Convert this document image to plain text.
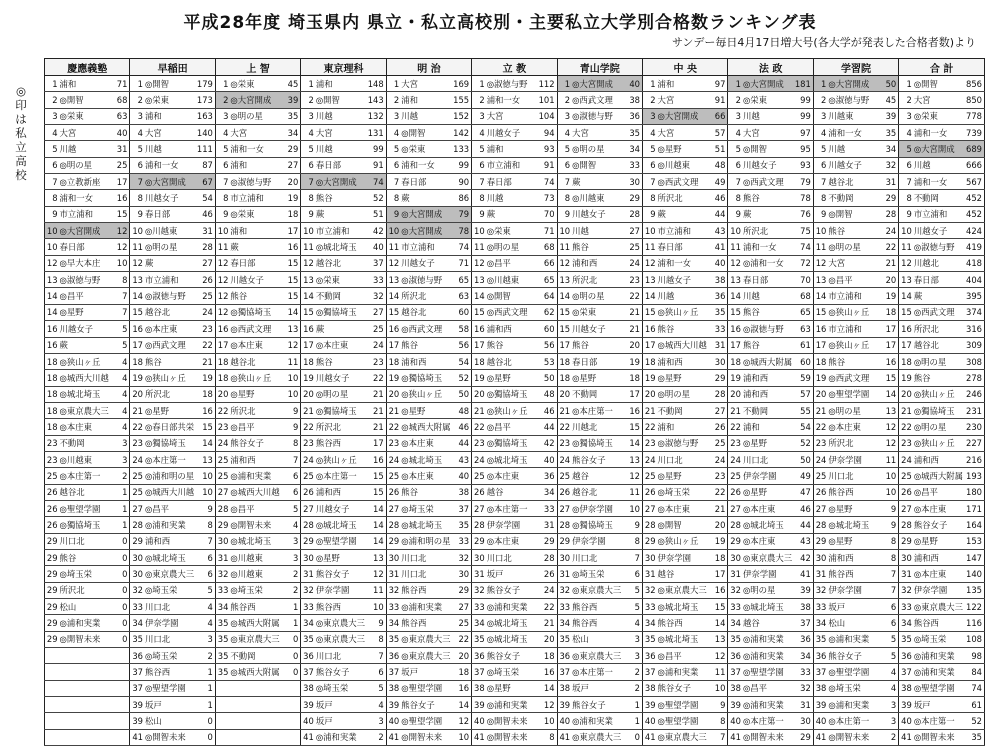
平成28年度 埼玉県内 県立・私立高校別・主要私立大学別合格数ランキング表
サンデー毎日4月17日増大号(各大学が発表した合格者数)より
◎
印
は
私
立
高
校
慶應義塾			早稲田			上 智			東京理科			明 治			立 教			青山学院			中 央			法 政			学習院			合 計		
1	浦和	71	1	◎開智	179	1	◎栄東	45	1	浦和	148	1	大宮	169	1	◎淑徳与野	112	1	◎大宮開成	40	1	浦和	97	1	◎大宮開成	181	1	◎大宮開成	50	1	◎開智	856
2	◎開智	68	2	◎栄東	173	2	◎大宮開成	39	2	◎開智	143	2	浦和	155	2	浦和一女	101	2	◎西武文理	38	2	大宮	91	2	◎栄東	99	2	◎淑徳与野	45	2	大宮	850
3	◎栄東	63	3	浦和	163	3	◎明の星	35	3	川越	132	3	川越	152	3	大宮	104	3	◎淑徳与野	36	3	◎大宮開成	66	3	川越	99	3	川越東	39	3	◎栄東	778
4	大宮	40	4	大宮	140	4	大宮	34	4	大宮	131	4	◎開智	142	4	川越女子	94	4	大宮	35	4	大宮	57	4	大宮	97	4	浦和一女	35	4	浦和一女	739
5	川越	31	5	川越	111	5	浦和一女	29	5	川越	99	5	◎栄東	133	5	浦和	93	5	◎明の星	34	5	◎星野	51	5	◎開智	95	5	川越	34	5	◎大宮開成	689
6	◎明の星	25	6	浦和一女	87	6	浦和	27	6	春日部	91	6	浦和一女	99	6	市立浦和	91	6	◎開智	33	6	◎川越東	48	6	川越女子	93	6	川越女子	32	6	川越	666
7	◎立教新座	17	7	◎大宮開成	67	7	◎淑徳与野	20	7	◎大宮開成	74	7	春日部	90	7	春日部	74	7	蕨	30	7	◎西武文理	49	7	◎西武文理	79	7	越谷北	31	7	浦和一女	567
8	浦和一女	16	8	川越女子	54	8	市立浦和	19	8	熊谷	52	8	蕨	86	8	川越	73	8	◎川越東	29	8	所沢北	46	8	熊谷	78	8	不動岡	29	8	不動岡	452
9	市立浦和	15	9	春日部	46	9	◎栄東	18	9	蕨	51	9	◎大宮開成	79	9	蕨	70	9	川越女子	28	9	蕨	44	9	蕨	76	9	◎開智	28	9	市立浦和	452
10	◎大宮開成	12	10	◎川越東	31	10	浦和	17	10	市立浦和	42	10	◎大宮開成	78	10	◎栄東	71	10	川越	27	10	市立浦和	43	10	所沢北	75	10	熊谷	24	10	川越女子	424
10	春日部	12	11	◎明の星	28	11	蕨	16	11	◎城北埼玉	40	11	市立浦和	74	11	◎明の星	68	11	熊谷	25	11	春日部	41	11	浦和一女	74	11	◎明の星	22	11	◎淑徳与野	419
12	◎早大本庄	10	12	蕨	27	12	春日部	15	12	越谷北	37	12	川越女子	71	12	◎昌平	66	12	浦和西	24	12	浦和一女	40	12	◎浦和一女	72	12	大宮	21	12	川越北	418
13	◎淑徳与野	8	13	市立浦和	26	12	川越女子	15	13	◎栄東	33	13	◎淑徳与野	65	13	◎川越東	65	13	所沢北	23	13	川越女子	38	13	春日部	70	13	◎昌平	20	13	春日部	404
14	◎昌平	7	14	◎淑徳与野	25	12	熊谷	15	14	不動岡	32	14	所沢北	63	14	◎開智	64	14	◎明の星	22	14	川越	36	14	川越	68	14	市立浦和	19	14	蕨	395
14	◎星野	7	15	越谷北	24	12	◎獨協埼玉	14	15	◎獨協埼玉	27	15	越谷北	60	15	◎西武文理	62	15	◎栄東	21	15	◎狭山ヶ丘	35	15	熊谷	65	15	◎狭山ヶ丘	18	15	◎西武文理	374
16	川越女子	5	16	◎本庄東	23	16	◎西武文理	13	16	蕨	25	16	◎西武文理	58	16	浦和西	60	15	川越女子	21	16	熊谷	33	16	◎淑徳与野	63	16	市立浦和	17	16	所沢北	316
16	蕨	5	17	◎西武文理	22	17	◎本庄東	12	17	◎本庄東	24	17	熊谷	56	17	熊谷	56	17	熊谷	20	17	◎城西大川越	31	17	熊谷	61	17	◎狭山ヶ丘	17	17	越谷北	309
18	◎狭山ヶ丘	4	18	熊谷	21	18	越谷北	11	18	熊谷	23	18	浦和西	54	18	越谷北	53	18	春日部	19	18	浦和西	30	18	◎城西大附属	60	18	熊谷	16	18	◎明の星	308
18	◎城西大川越	4	19	◎狭山ヶ丘	19	18	◎狭山ヶ丘	10	19	川越女子	22	19	◎獨協埼玉	52	19	◎星野	50	18	◎星野	18	19	◎星野	29	19	浦和西	59	19	◎西武文理	15	19	熊谷	278
18	◎城北埼玉	4	20	所沢北	18	20	◎星野	10	20	◎明の星	21	20	◎狭山ヶ丘	50	20	◎獨協埼玉	48	20	不動岡	17	20	◎明の星	28	20	浦和西	57	20	◎聖望学園	14	20	◎狭山ヶ丘	246
18	◎東京農大三	4	21	◎星野	16	22	所沢北	9	21	◎獨協埼玉	21	21	◎星野	48	21	◎狭山ヶ丘	46	21	◎本庄第一	16	21	不動岡	27	21	不動岡	55	21	◎明の星	13	21	◎獨協埼玉	231
18	◎本庄東	4	22	◎春日部共栄	15	23	◎昌平	9	22	所沢北	21	22	◎城西大附属	46	22	◎昌平	44	22	川越北	15	22	浦和	26	22	浦和	54	22	◎本庄東	12	22	◎明の星	230
23	不動岡	3	23	◎獨協埼玉	14	24	熊谷女子	8	23	熊谷西	17	23	◎本庄東	44	23	◎獨協埼玉	42	23	◎獨協埼玉	14	23	◎淑徳与野	25	23	◎星野	52	23	所沢北	12	23	◎狭山ヶ丘	227
23	◎川越東	3	24	◎本庄第一	13	25	浦和西	7	24	◎狭山ヶ丘	16	24	◎城北埼玉	43	24	◎城北埼玉	40	24	熊谷女子	13	24	川口北	24	24	川口北	50	24	伊奈学園	11	24	浦和西	216
25	◎本庄第一	2	25	◎浦和明の星	10	25	◎浦和実業	6	25	◎本庄第一	15	25	◎本庄東	40	25	◎本庄東	36	25	越谷	12	25	◎星野	23	25	伊奈学園	49	25	川口北	10	25	◎城西大附属	193
26	越谷北	1	25	◎城西大川越	10	27	◎城西大川越	6	26	浦和西	15	26	熊谷	38	26	越谷	34	26	越谷北	11	26	◎埼玉栄	22	26	◎星野	47	26	熊谷西	10	26	◎昌平	180
26	◎聖望学園	1	27	◎昌平	9	28	◎昌平	5	27	川越女子	14	27	◎埼玉栄	37	27	◎本庄第一	33	27	◎伊奈学園	10	27	◎本庄東	21	27	◎本庄東	46	27	◎星野	9	27	◎本庄東	171
26	◎獨協埼玉	1	28	◎浦和実業	8	29	◎開智未来	4	28	◎城北埼玉	14	28	◎城北埼玉	35	28	伊奈学園	31	28	◎獨協埼玉	9	28	◎開智	20	28	◎城北埼玉	44	28	◎城北埼玉	9	28	熊谷女子	164
29	川口北	0	29	浦和西	7	30	◎城北埼玉	3	29	◎聖望学園	14	29	◎浦和明の星	33	29	◎本庄東	29	29	伊奈学園	8	29	◎狭山ヶ丘	19	29	◎本庄東	43	29	◎星野	8	29	◎星野	153
29	熊谷	0	30	◎城北埼玉	6	31	◎川越東	3	30	◎星野	13	30	川口北	32	30	川口北	28	30	川口北	7	30	伊奈学園	18	30	◎東京農大三	42	30	浦和西	8	30	浦和西	147
29	◎埼玉栄	0	30	◎東京農大三	6	32	◎川越東	2	31	熊谷女子	12	31	川口北	30	31	坂戸	26	31	◎埼玉栄	6	31	越谷	17	31	伊奈学園	41	31	熊谷西	7	31	◎本庄東	140
29	所沢北	0	32	◎埼玉栄	5	33	◎埼玉栄	2	32	伊奈学園	11	32	熊谷西	29	32	熊谷女子	24	32	◎東京農大三	5	32	◎東京農大三	16	32	◎明の星	39	32	伊奈学園	7	32	伊奈学園	135
29	松山	0	33	川口北	4	34	熊谷西	1	33	熊谷西	10	33	◎浦和実業	27	33	◎浦和実業	22	33	熊谷西	5	33	◎城北埼玉	15	33	◎城北埼玉	38	33	坂戸	6	33	◎東京農大三	122
29	◎浦和実業	0	34	伊奈学園	4	35	◎城西大附属	1	34	◎東京農大三	9	34	熊谷西	25	34	◎城北埼玉	21	34	熊谷西	4	34	熊谷西	14	34	越谷	37	34	松山	6	34	熊谷西	116
29	◎開智未来	0	35	川口北	3	35	◎東京農大三	0	35	◎東京農大三	8	35	◎東京農大三	22	35	◎城北埼玉	20	35	松山	3	35	◎城北埼玉	13	35	◎浦和実業	36	35	◎浦和実業	5	35	◎埼玉栄	108
			36	◎埼玉栄	2	35	不動岡	0	36	川口北	7	36	◎東京農大三	20	36	熊谷女子	18	36	◎東京農大三	3	36	◎昌平	12	36	◎浦和実業	34	36	熊谷女子	5	36	◎浦和実業	98
			37	熊谷西	1	35	◎城西大附属	0	37	熊谷女子	6	37	坂戸	18	37	◎埼玉栄	16	37	◎本庄第一	2	37	◎浦和実業	11	37	◎聖望学園	33	37	◎聖望学園	4	37	◎浦和実業	84
			37	◎聖望学園	1				38	◎埼玉栄	5	38	◎聖望学園	16	38	◎星野	14	38	坂戸	2	38	熊谷女子	10	38	◎昌平	32	38	◎埼玉栄	4	38	◎聖望学園	74
			39	坂戸	1				39	坂戸	4	39	熊谷女子	14	39	◎浦和実業	12	39	熊谷女子	1	39	◎聖望学園	9	39	◎浦和実業	31	39	◎浦和実業	3	39	坂戸	61
			39	松山	0				40	坂戸	3	40	◎聖望学園	12	40	◎開智未来	10	40	◎浦和実業	1	40	◎聖望学園	8	40	◎本庄第一	30	40	◎本庄第一	3	40	◎本庄第一	52
			41	◎開智未来	0				41	◎浦和実業	2	41	◎開智未来	10	41	◎開智未来	8	41	◎東京農大三	0	41	◎東京農大三	7	41	◎開智未来	29	41	◎開智未来	2	41	◎開智未来	35
